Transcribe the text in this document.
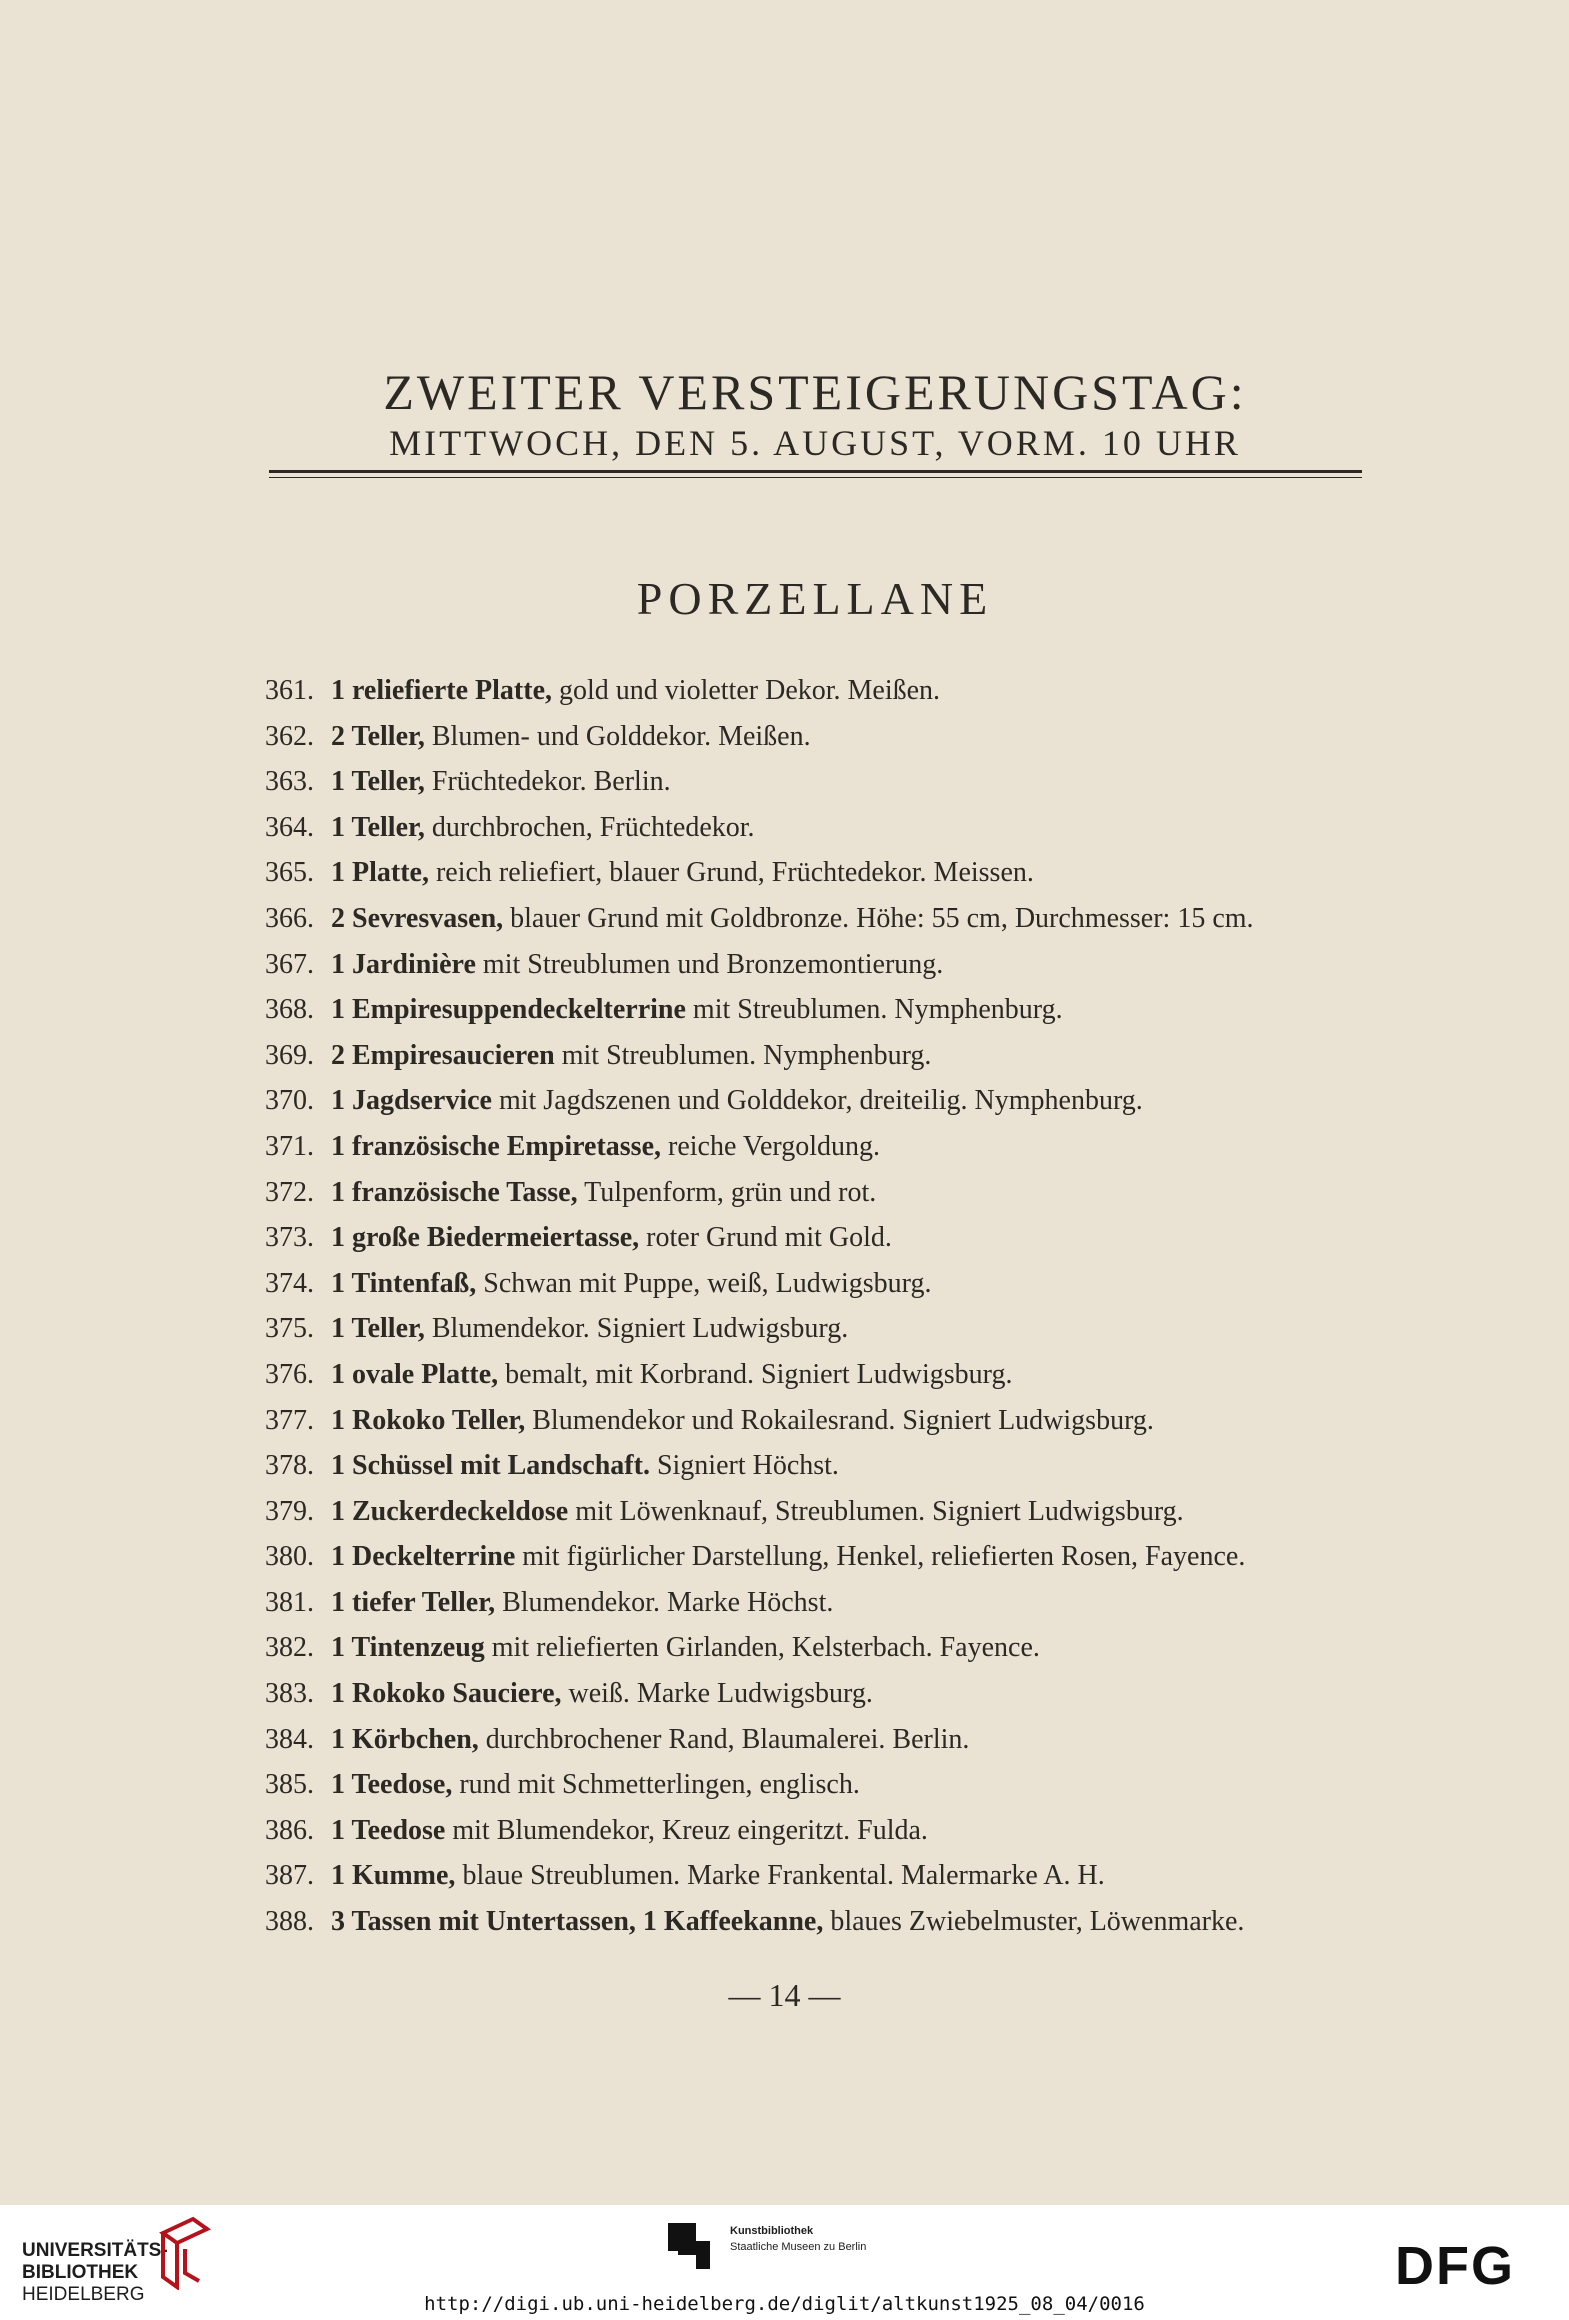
ZWEITER VERSTEIGERUNGSTAG:
MITTWOCH, DEN 5. AUGUST, VORM. 10 UHR
PORZELLANE
361. 1 reliefierte Platte, gold und violetter Dekor. Meißen.
362. 2 Teller, Blumen- und Golddekor. Meißen.
363. 1 Teller, Früchtedekor. Berlin.
364. 1 Teller, durchbrochen, Früchtedekor.
365. 1 Platte, reich reliefiert, blauer Grund, Früchtedekor. Meissen.
366. 2 Sevresvasen, blauer Grund mit Goldbronze. Höhe: 55 cm, Durchmesser: 15 cm.
367. 1 Jardinière mit Streublumen und Bronzemontierung.
368. 1 Empiresuppendeckelterrine mit Streublumen. Nymphenburg.
369. 2 Empiresaucieren mit Streublumen. Nymphenburg.
370. 1 Jagdservice mit Jagdszenen und Golddekor, dreiteilig. Nymphenburg.
371. 1 französische Empiretasse, reiche Vergoldung.
372. 1 französische Tasse, Tulpenform, grün und rot.
373. 1 große Biedermeiertasse, roter Grund mit Gold.
374. 1 Tintenfaß, Schwan mit Puppe, weiß, Ludwigsburg.
375. 1 Teller, Blumendekor. Signiert Ludwigsburg.
376. 1 ovale Platte, bemalt, mit Korbrand. Signiert Ludwigsburg.
377. 1 Rokoko Teller, Blumendekor und Rokailesrand. Signiert Ludwigsburg.
378. 1 Schüssel mit Landschaft. Signiert Höchst.
379. 1 Zuckerdeckeldose mit Löwenknauf, Streublumen. Signiert Ludwigsburg.
380. 1 Deckelterrine mit figürlicher Darstellung, Henkel, reliefierten Rosen, Fayence.
381. 1 tiefer Teller, Blumendekor. Marke Höchst.
382. 1 Tintenzeug mit reliefierten Girlanden, Kelsterbach. Fayence.
383. 1 Rokoko Sauciere, weiß. Marke Ludwigsburg.
384. 1 Körbchen, durchbrochener Rand, Blaumalerei. Berlin.
385. 1 Teedose, rund mit Schmetterlingen, englisch.
386. 1 Teedose mit Blumendekor, Kreuz eingeritzt. Fulda.
387. 1 Kumme, blaue Streublumen. Marke Frankental. Malermarke A. H.
388. 3 Tassen mit Untertassen, 1 Kaffeekanne, blaues Zwiebelmuster, Löwenmarke.
— 14 —
UNIVERSITÄTS-
BIBLIOTHEK
HEIDELBERG
Kunstbibliothek
Staatliche Museen zu Berlin	DFG
http://digi.ub.uni-heidelberg.de/diglit/altkunst1925_08_04/0016
